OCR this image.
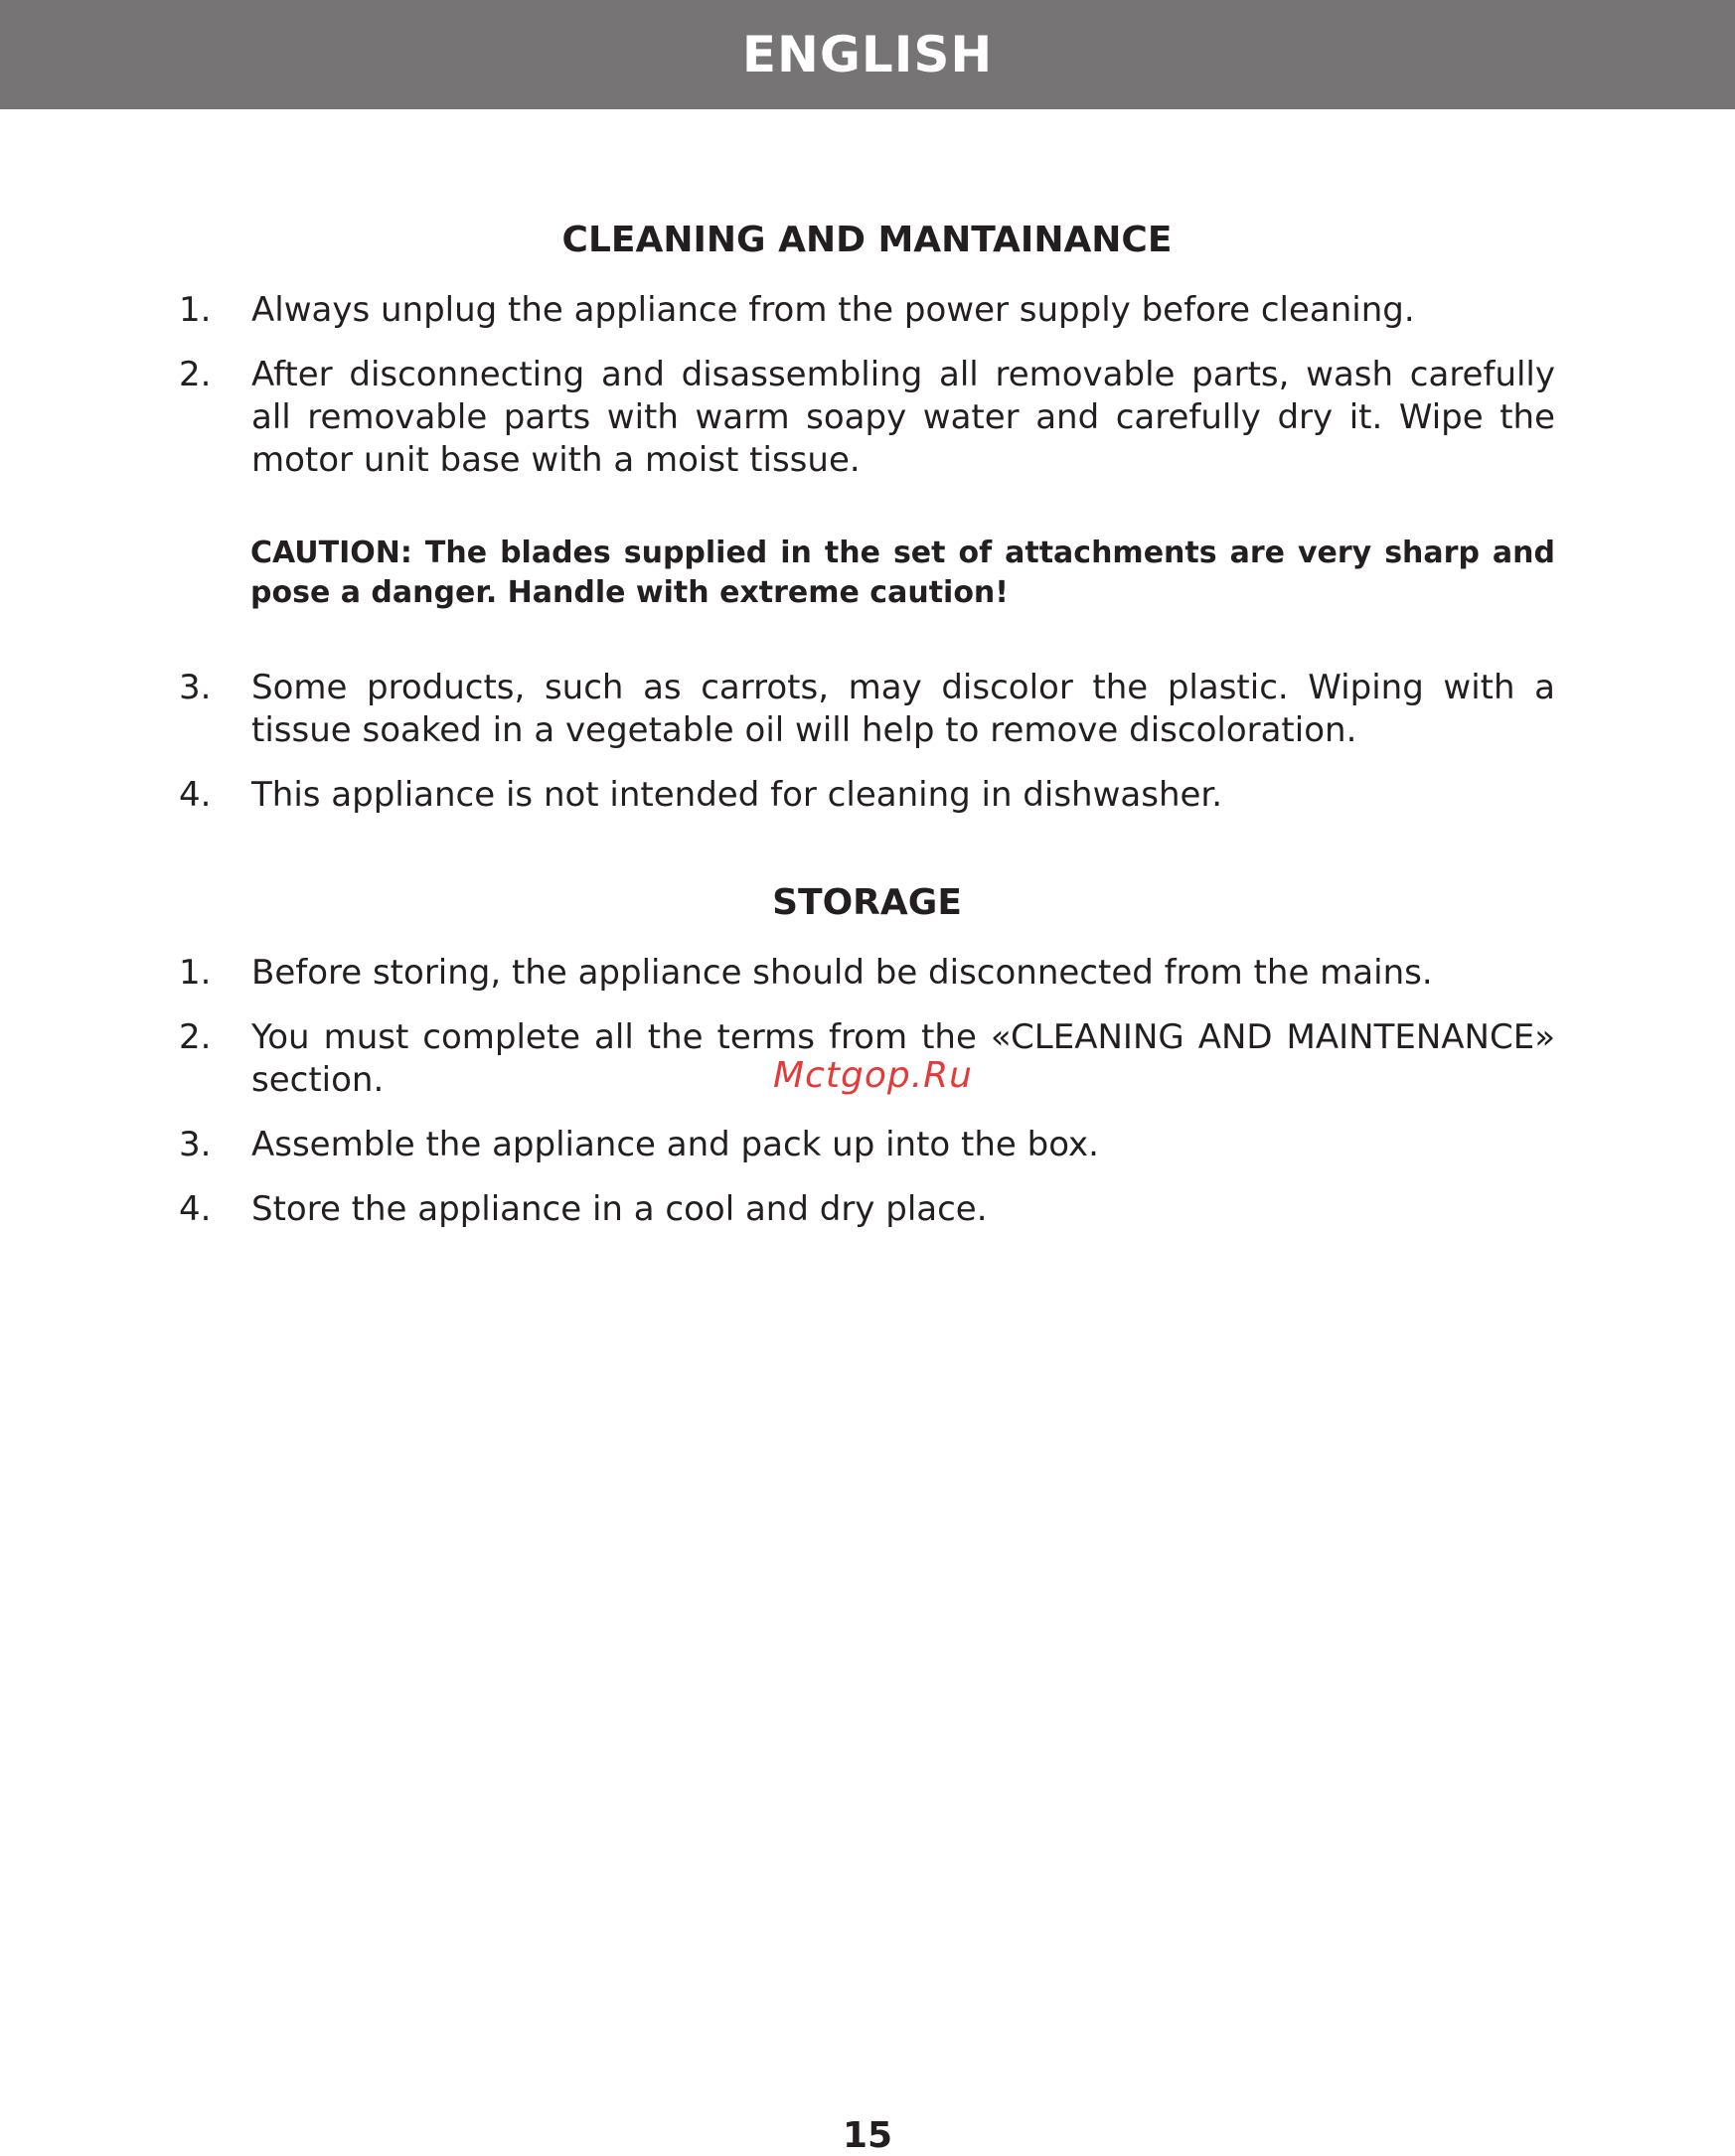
ENGLISH
CLEANING AND MANTAINANCE
1.	Always unplug the appliance from the power supply before cleaning.
2.	After disconnecting and disassembling all removable parts, wash carefully all removable parts with warm soapy water and carefully dry it. Wipe the motor unit base with a moist tissue.

CAUTION: The blades supplied in the set of attachments are very sharp and pose a danger. Handle with extreme caution!

3.	Some products, such as carrots, may discolor the plastic. Wiping with a tissue soaked in a vegetable oil will help to remove discoloration.
4.	This appliance is not intended for cleaning in dishwasher.
STORAGE
1.	Before storing, the appliance should be disconnected from the mains.
2.	You must complete all the terms from the «CLEANING AND MAINTENANCE» section.
3.	Assemble the appliance and pack up into the box.
4.	Store the appliance in a cool and dry place.
Mctgop.Ru
15
